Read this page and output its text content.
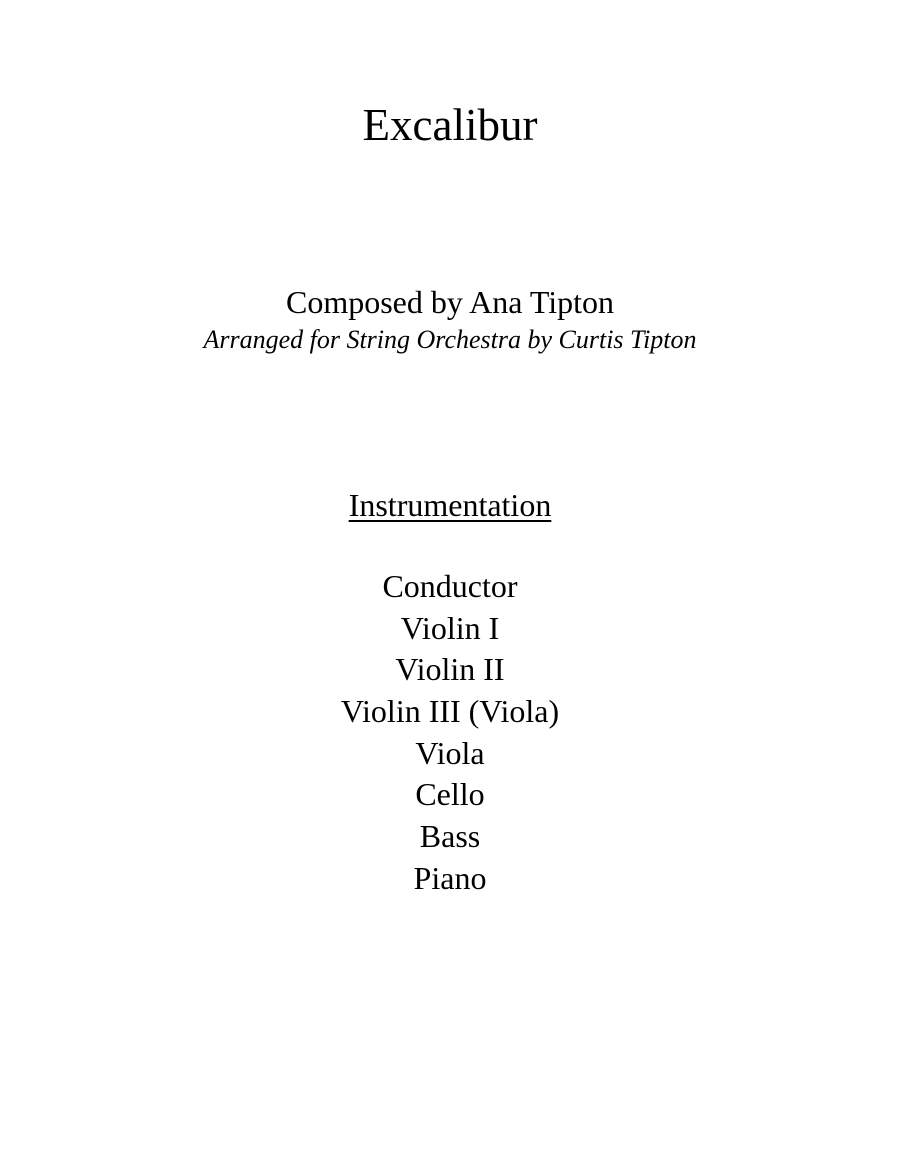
Excalibur

Composed by Ana Tipton

Arranged for String Orchestra by Curtis Tipton

Instrumentation
Conductor
Violin I
Violin II
Violin III (Viola)
Viola
Cello
Bass
Piano
